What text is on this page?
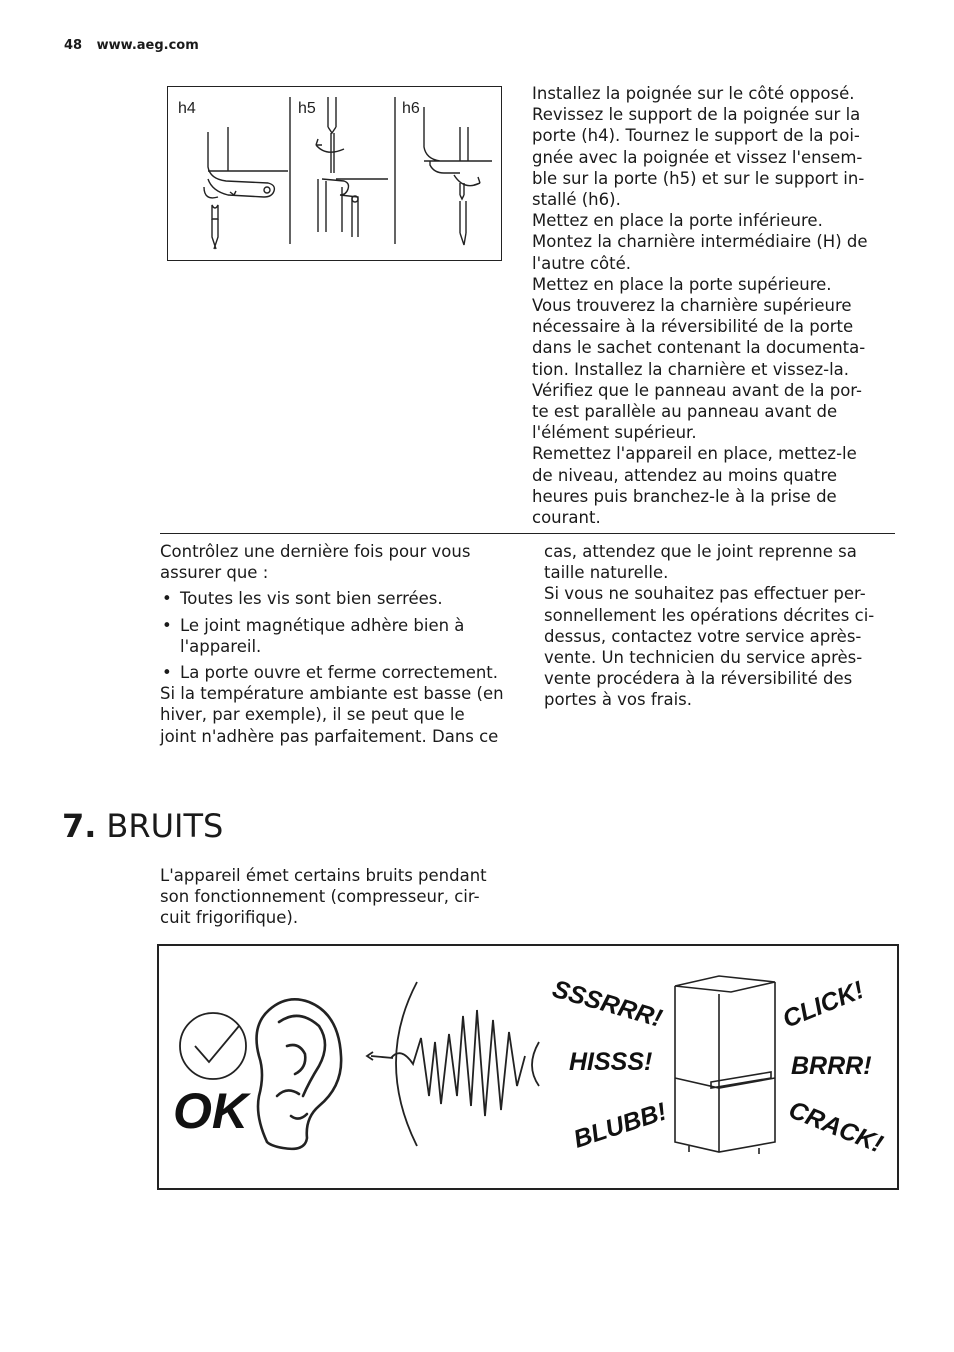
48 www.aeg.com
h4	h5	h6

Installez la poignée sur le côté opposé.

Revissez le support de la poignée sur la

porte (h4). Tournez le support de la poi-

gnée avec la poignée et vissez l'ensem-

ble sur la porte (h5) et sur le support in-

stallé (h6).

Mettez en place la porte inférieure.

Montez la charnière intermédiaire (H) de

l'autre côté.

Mettez en place la porte supérieure.

Vous trouverez la charnière supérieure

nécessaire à la réversibilité de la porte

dans le sachet contenant la documenta-

tion. Installez la charnière et vissez-la.

Vérifiez que le panneau avant de la por-

te est parallèle au panneau avant de

l'élément supérieur.

Remettez l'appareil en place, mettez-le

de niveau, attendez au moins quatre

heures puis branchez-le à la prise de

courant.

Contrôlez une dernière fois pour vous

assurer que :

• Toutes les vis sont bien serrées.

• Le joint magnétique adhère bien à

l'appareil.

• La porte ouvre et ferme correctement.

Si la température ambiante est basse (en

hiver, par exemple), il se peut que le

joint n'adhère pas parfaitement. Dans ce

cas, attendez que le joint reprenne sa

taille naturelle.

Si vous ne souhaitez pas effectuer per-

sonnellement les opérations décrites ci-

dessus, contactez votre service après-

vente. Un technicien du service après-

vente procédera à la réversibilité des

portes à vos frais.

7. BRUITS

L'appareil émet certains bruits pendant

son fonctionnement (compresseur, cir-

cuit frigorifique).

OK
SSSRRR!
HISSS!
BLUBB!
CLICK!
BRRR!
CRACK!
